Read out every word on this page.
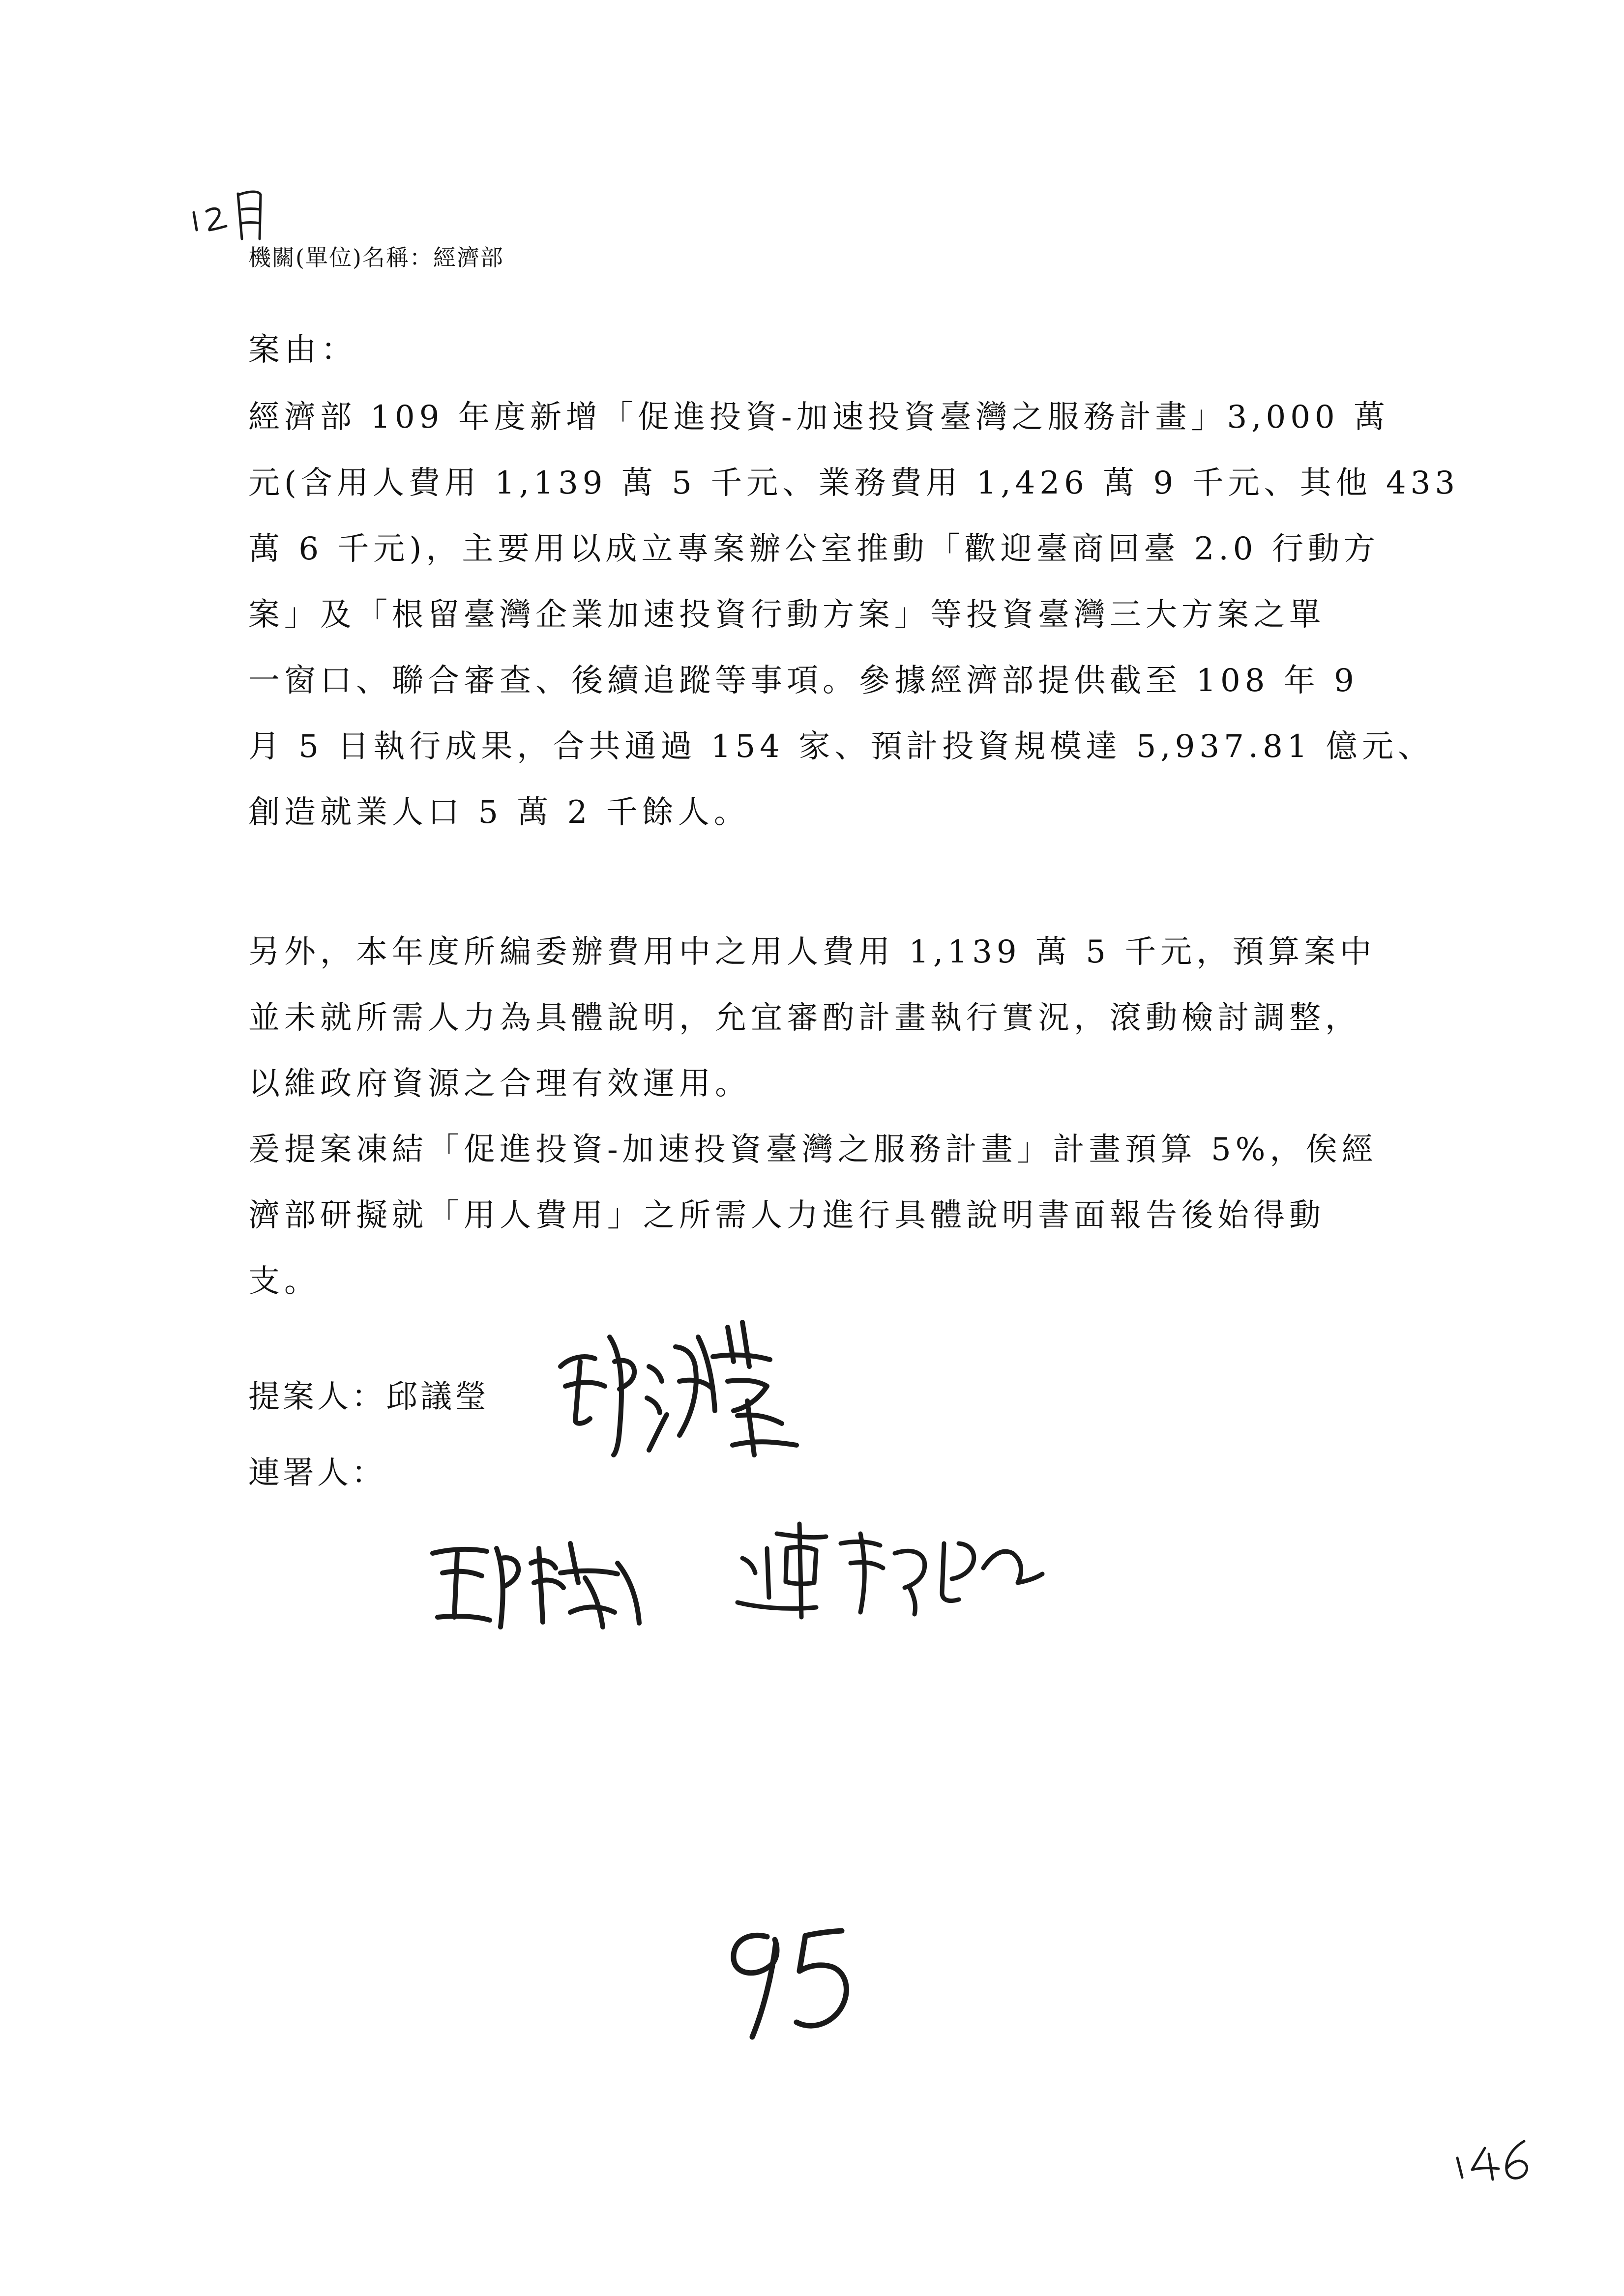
機關(單位)名稱：經濟部
案由：
經濟部 109 年度新增「促進投資-加速投資臺灣之服務計畫」3,000 萬
元(含用人費用 1,139 萬 5 千元、業務費用 1,426 萬 9 千元、其他 433
萬 6 千元)，主要用以成立專案辦公室推動「歡迎臺商回臺 2.0 行動方
案」及「根留臺灣企業加速投資行動方案」等投資臺灣三大方案之單
一窗口、聯合審查、後續追蹤等事項。參據經濟部提供截至 108 年 9
月 5 日執行成果，合共通過 154 家、預計投資規模達 5,937.81 億元、
創造就業人口 5 萬 2 千餘人。
另外，本年度所編委辦費用中之用人費用 1,139 萬 5 千元，預算案中
並未就所需人力為具體說明，允宜審酌計畫執行實況，滾動檢討調整，
以維政府資源之合理有效運用。
爰提案凍結「促進投資-加速投資臺灣之服務計畫」計畫預算 5%，俟經
濟部研擬就「用人費用」之所需人力進行具體說明書面報告後始得動
支。
提案人：邱議瑩
連署人：
